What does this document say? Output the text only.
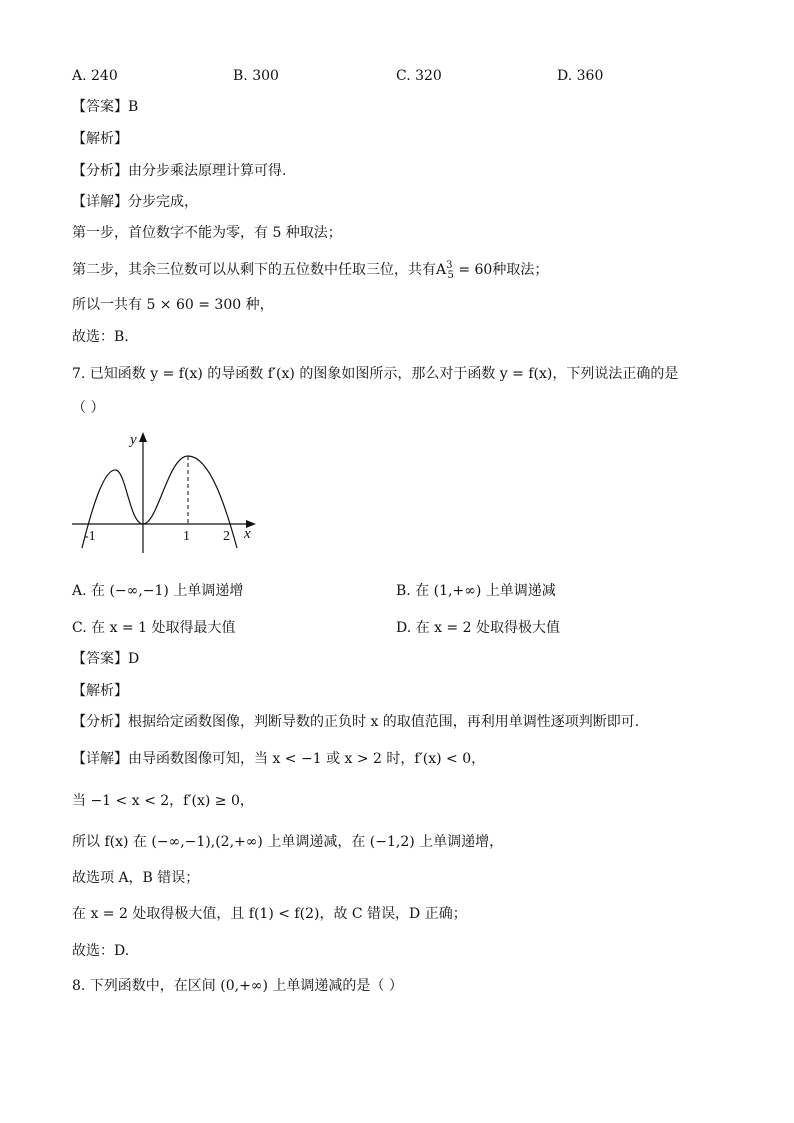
A. 240	B. 300	C. 320	D. 360
【答案】B
【解析】
【分析】由分步乘法原理计算可得.
【详解】分步完成，
第一步，首位数字不能为零，有 5 种取法；
第二步，其余三位数可以从剩下的五位数中任取三位，共有$A^3_5 = 60$种取法；
所以一共有 5 × 60 = 300 种，
故选：B.
7. 已知函数 y = f(x) 的导函数 f′(x) 的图象如图所示，那么对于函数 y = f(x)，下列说法正确的是
（ ）
y
x
-1	1 2
A. 在 (−∞,−1) 上单调递增	B. 在 (1,+∞) 上单调递减
C. 在 x = 1 处取得最大值	D. 在 x = 2 处取得极大值
【答案】D
【解析】
【分析】根据给定函数图像，判断导数的正负时 x 的取值范围，再利用单调性逐项判断即可.
【详解】由导函数图像可知，当 x < −1 或 x > 2 时，f′(x) < 0，
当 −1 < x < 2，f′(x) ≥ 0，
所以 f(x) 在 (−∞,−1),(2,+∞) 上单调递减，在 (−1,2) 上单调递增，
故选项 A，B 错误；
在 x = 2 处取得极大值，且 f(1) < f(2)，故 C 错误，D 正确；
故选：D.
8. 下列函数中，在区间 (0,+∞) 上单调递减的是（ ）
